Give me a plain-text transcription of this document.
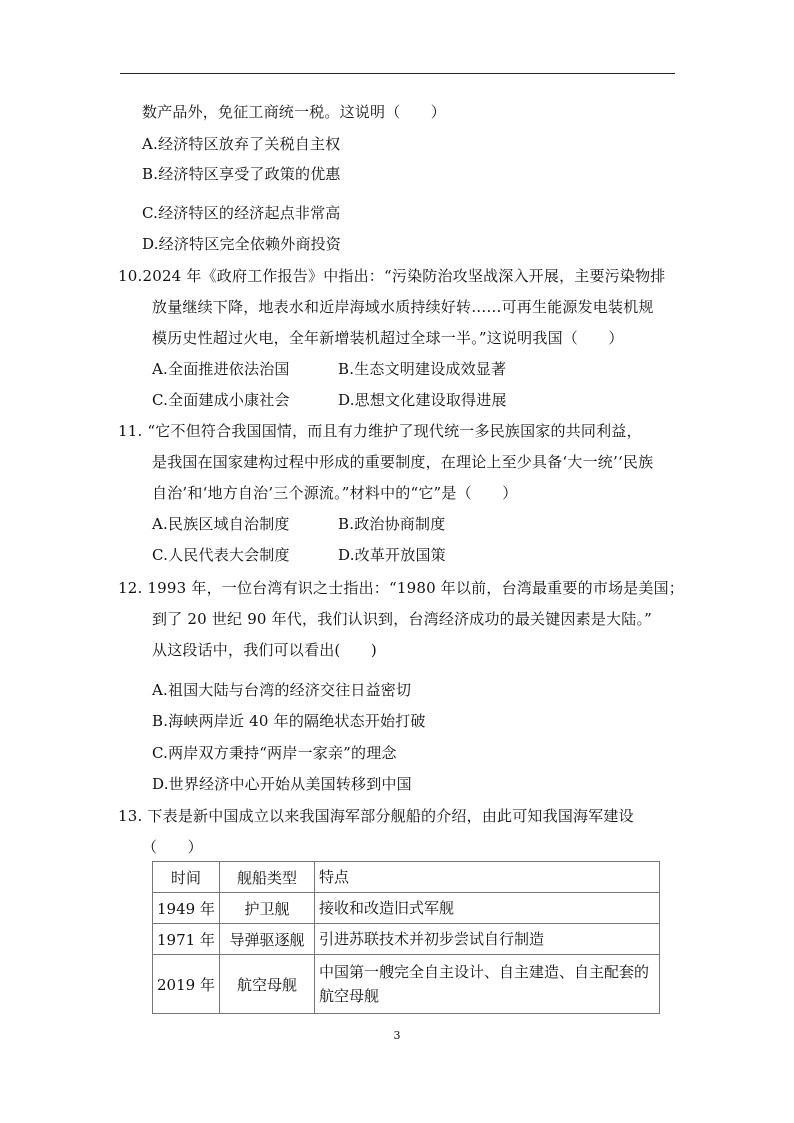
数产品外，免征工商统一税。这说明（　　）
A.经济特区放弃了关税自主权
B.经济特区享受了政策的优惠
C.经济特区的经济起点非常高
D.经济特区完全依赖外商投资
10.2024 年《政府工作报告》中指出：“污染防治攻坚战深入开展，主要污染物排
放量继续下降，地表水和近岸海域水质持续好转……可再生能源发电装机规
模历史性超过火电，全年新增装机超过全球一半。”这说明我国（　　）
A.全面推进依法治国	B.生态文明建设成效显著
C.全面建成小康社会	D.思想文化建设取得进展
11. “它不但符合我国国情，而且有力维护了现代统一多民族国家的共同利益，
是我国在国家建构过程中形成的重要制度，在理论上至少具备‘大一统’‘民族
自治’和‘地方自治’三个源流。”材料中的“它”是（　　）
A.民族区域自治制度	B.政治协商制度
C.人民代表大会制度	D.改革开放国策
12. 1993 年，一位台湾有识之士指出：“1980 年以前，台湾最重要的市场是美国；
到了 20 世纪 90 年代，我们认识到，台湾经济成功的最关键因素是大陆。”
从这段话中，我们可以看出(　　)
A.祖国大陆与台湾的经济交往日益密切
B.海峡两岸近 40 年的隔绝状态开始打破
C.两岸双方秉持“两岸一家亲”的理念
D.世界经济中心开始从美国转移到中国
13. 下表是新中国成立以来我国海军部分舰船的介绍，由此可知我国海军建设
（　　）
时间	舰船类型	特点
1949 年	护卫舰	接收和改造旧式军舰
1971 年	导弹驱逐舰	引进苏联技术并初步尝试自行制造
2019 年	航空母舰	中国第一艘完全自主设计、自主建造、自主配套的
航空母舰
3
